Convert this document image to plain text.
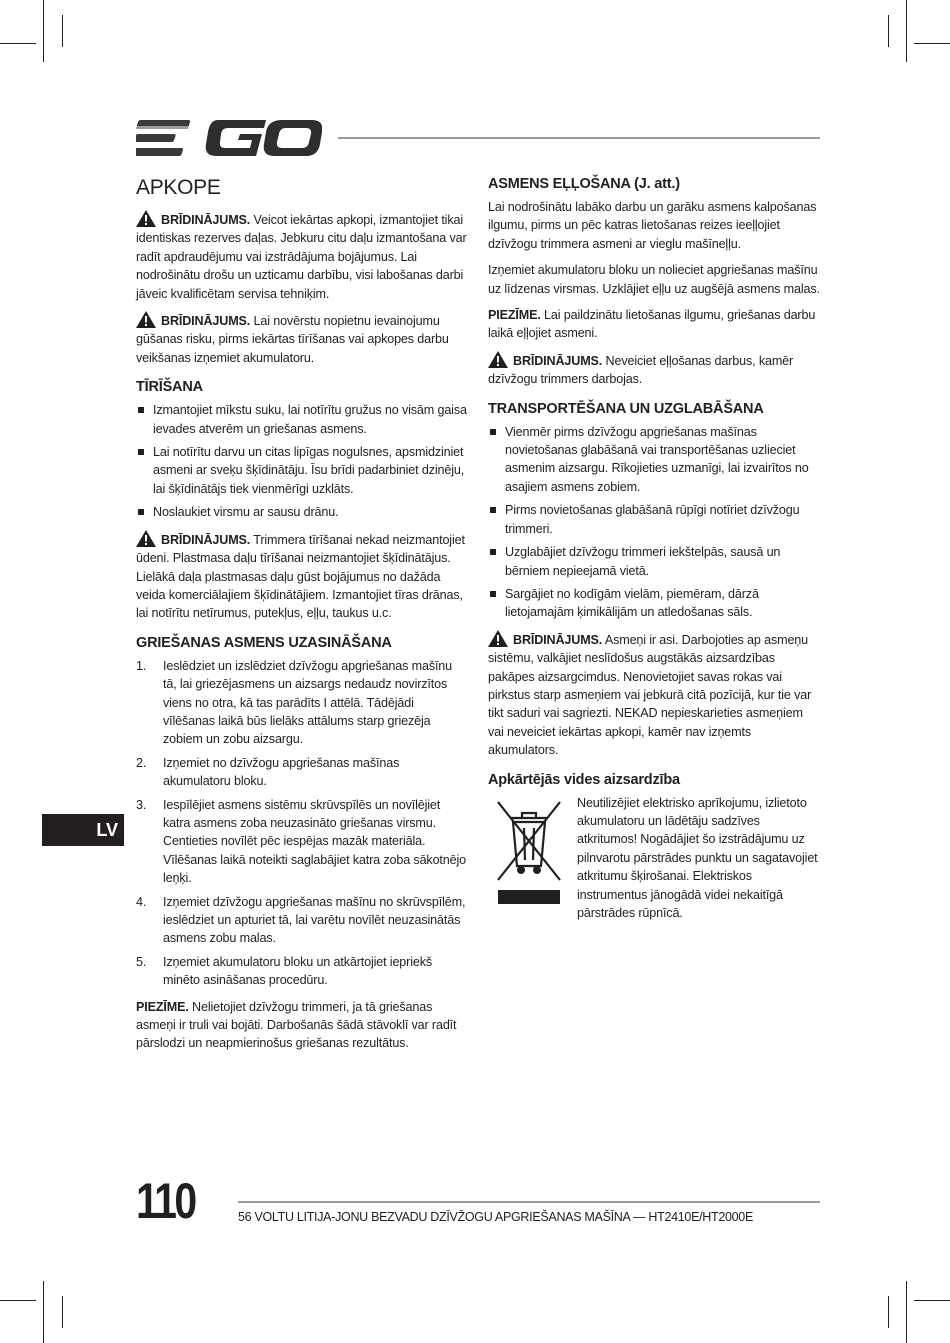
APKOPE

BRĪDINĀJUMS. Veicot iekārtas apkopi, izmantojiet tikai identiskas rezerves daļas. Jebkuru citu daļu izmantošana var radīt apdraudējumu vai izstrādājuma bojājumus. Lai nodrošinātu drošu un uzticamu darbību, visi labošanas darbi jāveic kvalificētam servisa tehniķim.

BRĪDINĀJUMS. Lai novērstu nopietnu ievainojumu gūšanas risku, pirms iekārtas tīrīšanas vai apkopes darbu veikšanas izņemiet akumulatoru.

TĪRĪŠANA
Izmantojiet mīkstu suku, lai notīrītu gružus no visām gaisa ievades atverēm un griešanas asmens.
Lai notīrītu darvu un citas lipīgas nogulsnes, apsmidziniet asmeni ar sveķu šķīdinātāju. Īsu brīdi padarbiniet dzinēju, lai šķīdinātājs tiek vienmērīgi uzklāts.
Noslaukiet virsmu ar sausu drānu.

BRĪDINĀJUMS. Trimmera tīrīšanai nekad neizmantojiet ūdeni. Plastmasa daļu tīrīšanai neizmantojiet šķīdinātājus. Lielākā daļa plastmasas daļu gūst bojājumus no dažāda veida komerciālajiem šķīdinātājiem. Izmantojiet tīras drānas, lai notīrītu netīrumus, putekļus, eļļu, taukus u.c.

GRIEŠANAS ASMENS UZASINĀŠANA
1. Ieslēdziet un izslēdziet dzīvžogu apgriešanas mašīnu tā, lai griezējasmens un aizsargs nedaudz novirzītos viens no otra, kā tas parādīts I attēlā. Tādējādi vīlēšanas laikā būs lielāks attālums starp griezēja zobiem un zobu aizsargu.
2. Izņemiet no dzīvžogu apgriešanas mašīnas akumulatoru bloku.
3. Iespīlējiet asmens sistēmu skrūvspīlēs un novīlējiet katra asmens zoba neuzasināto griešanas virsmu. Centieties novīlēt pēc iespējas mazāk materiāla. Vīlēšanas laikā noteikti saglabājiet katra zoba sākotnējo leņķi.
4. Izņemiet dzīvžogu apgriešanas mašīnu no skrūvspīlēm, ieslēdziet un apturiet tā, lai varētu novīlēt neuzasinātās asmens zobu malas.
5. Izņemiet akumulatoru bloku un atkārtojiet iepriekš minēto asināšanas procedūru.

PIEZĪME. Nelietojiet dzīvžogu trimmeri, ja tā griešanas asmeņi ir truli vai bojāti. Darbošanās šādā stāvoklī var radīt pārslodzi un neapmierinošus griešanas rezultātus.

ASMENS EĻĻOŠANA (J. att.)

Lai nodrošinātu labāko darbu un garāku asmens kalpošanas ilgumu, pirms un pēc katras lietošanas reizes ieeļļojiet dzīvžogu trimmera asmeni ar vieglu mašīneļļu.

Izņemiet akumulatoru bloku un nolieciet apgriešanas mašīnu uz līdzenas virsmas. Uzklājiet eļļu uz augšējā asmens malas.

PIEZĪME. Lai paildzinātu lietošanas ilgumu, griešanas darbu laikā eļļojiet asmeni.

BRĪDINĀJUMS. Neveiciet eļļošanas darbus, kamēr dzīvžogu trimmers darbojas.

TRANSPORTĒŠANA UN UZGLABĀŠANA
Vienmēr pirms dzīvžogu apgriešanas mašīnas novietošanas glabāšanā vai transportēšanas uzlieciet asmenim aizsargu. Rīkojieties uzmanīgi, lai izvairītos no asajiem asmens zobiem.
Pirms novietošanas glabāšanā rūpīgi notīriet dzīvžogu trimmeri.
Uzglabājiet dzīvžogu trimmeri iekštelpās, sausā un bērniem nepieejamā vietā.
Sargājiet no kodīgām vielām, piemēram, dārzā lietojamajām ķimikālijām un atledošanas sāls.

BRĪDINĀJUMS. Asmeņi ir asi. Darbojoties ap asmeņu sistēmu, valkājiet neslīdošus augstākās aizsardzības pakāpes aizsargcimdus. Nenovietojiet savas rokas vai pirkstus starp asmeņiem vai jebkurā citā pozīcijā, kur tie var tikt saduri vai sagriezti. NEKAD nepieskarieties asmeņiem vai neveiciet iekārtas apkopi, kamēr nav izņemts akumulators.

Apkārtējās vides aizsardzība

Neutilizējiet elektrisko aprīkojumu, izlietoto akumulatoru un lādētāju sadzīves atkritumos! Nogādājiet šo izstrādājumu uz pilnvarotu pārstrādes punktu un sagatavojiet atkritumu šķirošanai. Elektriskos instrumentus jānogādā videi nekaitīgā pārstrādes rūpnīcā.

LV
110	56 VOLTU LITIJA-JONU BEZVADU DZĪVŽOGU APGRIEŠANAS MAŠĪNA — HT2410E/HT2000E
